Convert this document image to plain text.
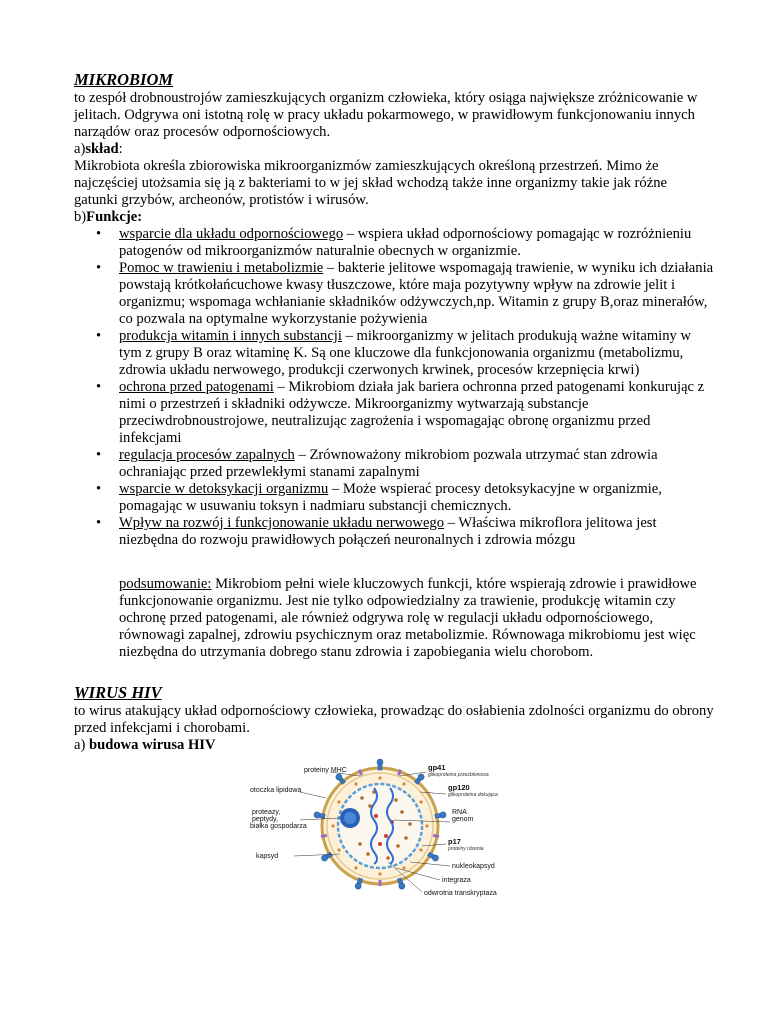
MIKROBIOM

to zespół drobnoustrojów zamieszkujących organizm człowieka, który osiąga największe zróżnicowanie w jelitach. Odgrywa oni istotną rolę w pracy układu pokarmowego, w prawidłowym funkcjonowaniu innych narządów oraz procesów odpornościowych.

a)skład:

Mikrobiota określa zbiorowiska mikroorganizmów zamieszkujących określoną przestrzeń. Mimo że najczęściej utożsamia się ją z bakteriami to w jej skład wchodzą także inne organizmy takie jak różne gatunki grzybów, archeonów, protistów i wirusów.

b)Funkcje:

• wsparcie dla układu odpornościowego – wspiera układ odpornościowy pomagając w rozróżnieniu patogenów od mikroorganizmów naturalnie obecnych w organizmie.
• Pomoc w trawieniu i metabolizmie – bakterie jelitowe wspomagają trawienie, w wyniku ich działania powstają krótkołańcuchowe kwasy tłuszczowe, które maja pozytywny wpływ na zdrowie jelit i organizmu; wspomaga wchłanianie składników odżywczych,np. Witamin z grupy B,oraz minerałów, co pozwala na optymalne wykorzystanie pożywienia
• produkcja witamin i innych substancji – mikroorganizmy w jelitach produkują ważne witaminy w tym z grupy B oraz witaminę K. Są one kluczowe dla funkcjonowania organizmu (metabolizmu, zdrowia układu nerwowego, produkcji czerwonych krwinek, procesów krzepnięcia krwi)
• ochrona przed patogenami – Mikrobiom działa jak bariera ochronna przed patogenami konkurując z nimi o przestrzeń i składniki odżywcze. Mikroorganizmy wytwarzają substancje przeciwdrobnoustrojowe, neutralizując zagrożenia i wspomagając obronę organizmu przed infekcjami
• regulacja procesów zapalnych – Zrównoważony mikrobiom pozwala utrzymać stan zdrowia ochraniając przed przewlekłymi stanami zapalnymi
• wsparcie w detoksykacji organizmu – Może wspierać procesy detoksykacyjne w organizmie, pomagając w usuwaniu toksyn i nadmiaru substancji chemicznych.
• Wpływ na rozwój i funkcjonowanie układu nerwowego – Właściwa mikroflora jelitowa jest niezbędna do rozwoju prawidłowych połączeń neuronalnych i zdrowia mózgu

podsumowanie: Mikrobiom pełni wiele kluczowych funkcji, które wspierają zdrowie i prawidłowe funkcjonowanie organizmu. Jest nie tylko odpowiedzialny za trawienie, produkcję witamin czy ochronę przed patogenami, ale również odgrywa rolę w regulacji układu odpornościowego, równowagi zapalnej, zdrowiu psychicznym oraz metabolizmie. Równowaga mikrobiomu jest więc niezbędna do utrzymania dobrego stanu zdrowia i zapobiegania wielu chorobom.

WIRUS HIV

to wirus atakujący układ odpornościowy człowieka, prowadząc do osłabienia zdolności organizmu do obrony przed infekcjami i chorobami.

a) budowa wirusa HIV

proteiny MHC
otoczka lipidowa
proteazy,
peptydy,
białka gospodarza
kapsyd
gp41
glikoproteina przezbłonowa
gp120
glikoproteina dokująca
RNA
genom
p17
proteiny rdzenia
nukleokapsyd
integraza
odwrotna transkryptaza
